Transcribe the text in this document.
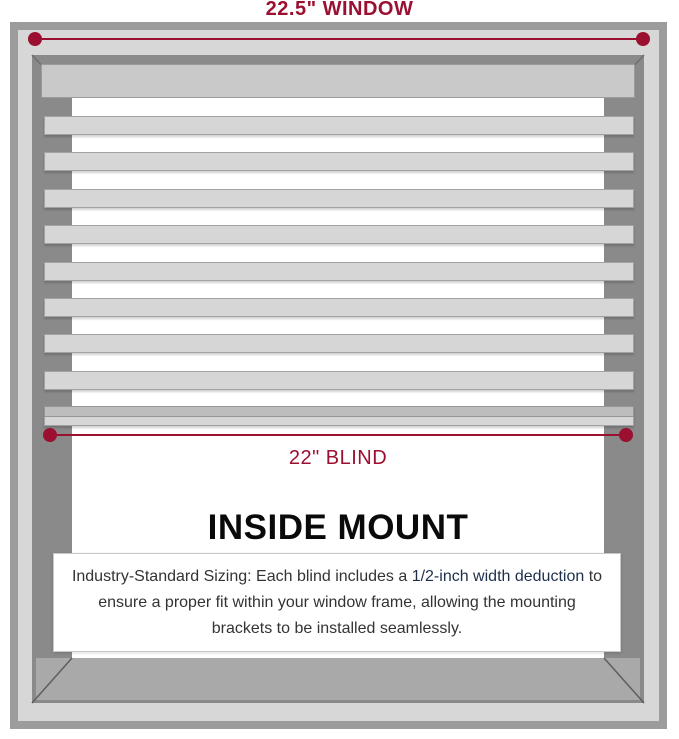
22.5" WINDOW
22" BLIND
INSIDE MOUNT
Industry-Standard Sizing: Each blind includes a 1/2-inch width deduction to ensure a proper fit within your window frame, allowing the mounting brackets to be installed seamlessly.
